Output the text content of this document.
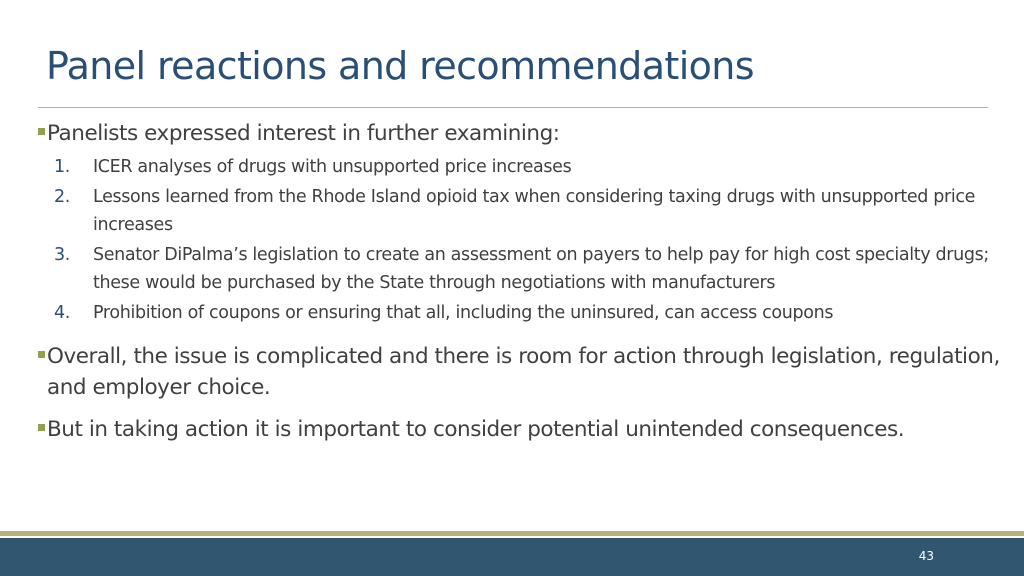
Panel reactions and recommendations
Panelists expressed interest in further examining:
1. ICER analyses of drugs with unsupported price increases
2. Lessons learned from the Rhode Island opioid tax when considering taxing drugs with unsupported price increases
3. Senator DiPalma’s legislation to create an assessment on payers to help pay for high cost specialty drugs; these would be purchased by the State through negotiations with manufacturers
4. Prohibition of coupons or ensuring that all, including the uninsured, can access coupons
Overall, the issue is complicated and there is room for action through legislation, regulation, and employer choice.
But in taking action it is important to consider potential unintended consequences.
43
